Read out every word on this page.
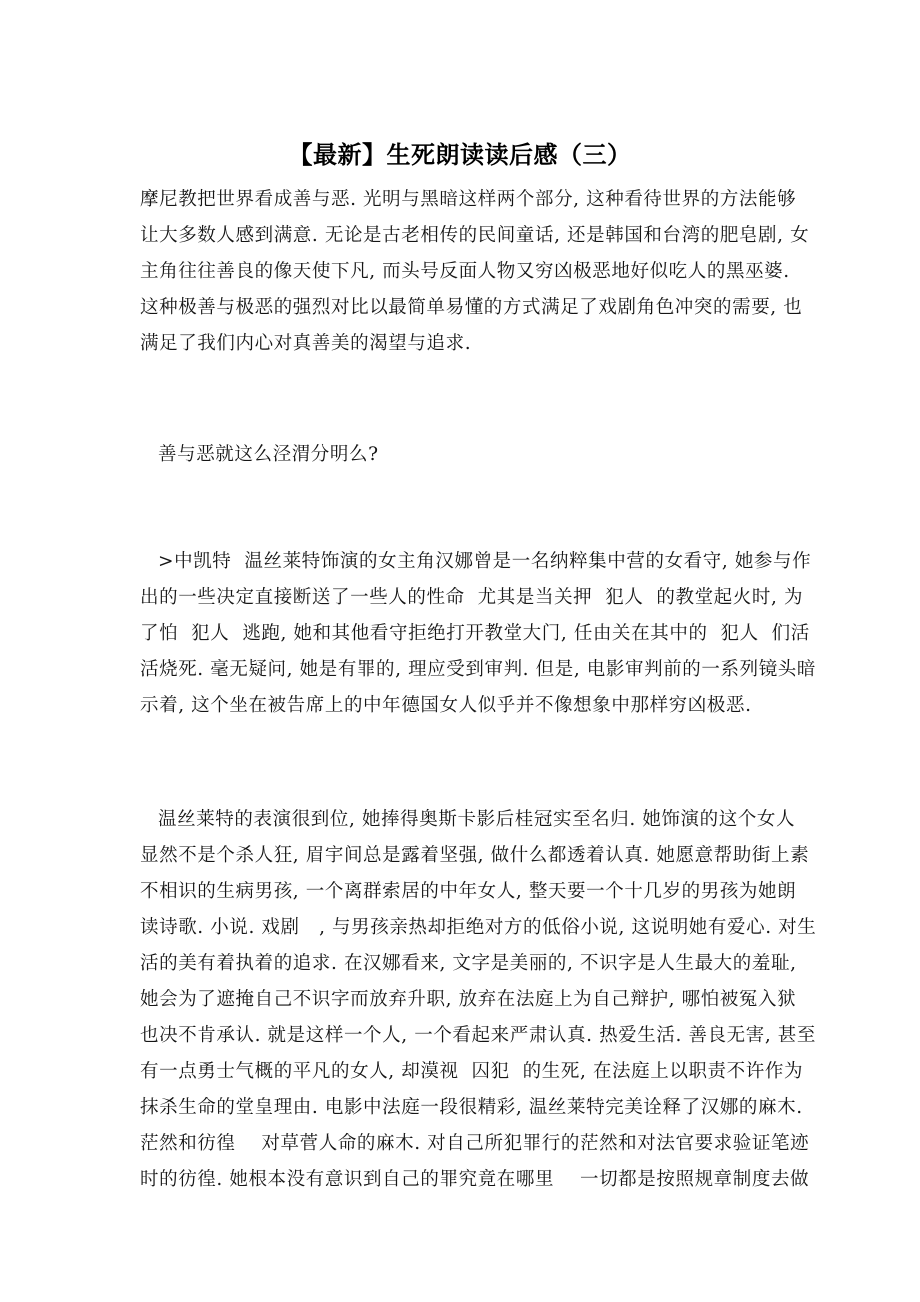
【最新】生死朗读读后感（三）
摩尼教把世界看成善与恶. 光明与黑暗这样两个部分, 这种看待世界的方法能够
让大多数人感到满意. 无论是古老相传的民间童话, 还是韩国和台湾的肥皂剧, 女
主角往往善良的像天使下凡, 而头号反面人物又穷凶极恶地好似吃人的黑巫婆.
这种极善与极恶的强烈对比以最简单易懂的方式满足了戏剧角色冲突的需要, 也
满足了我们内心对真善美的渴望与追求.
善与恶就这么泾渭分明么?
>中凯特  温丝莱特饰演的女主角汉娜曾是一名纳粹集中营的女看守, 她参与作
出的一些决定直接断送了一些人的性命  尤其是当关押  犯人  的教堂起火时, 为
了怕  犯人  逃跑, 她和其他看守拒绝打开教堂大门, 任由关在其中的  犯人  们活
活烧死. 毫无疑问, 她是有罪的, 理应受到审判. 但是, 电影审判前的一系列镜头暗
示着, 这个坐在被告席上的中年德国女人似乎并不像想象中那样穷凶极恶.
温丝莱特的表演很到位, 她捧得奥斯卡影后桂冠实至名归. 她饰演的这个女人
显然不是个杀人狂, 眉宇间总是露着坚强, 做什么都透着认真. 她愿意帮助街上素
不相识的生病男孩, 一个离群索居的中年女人, 整天要一个十几岁的男孩为她朗
读诗歌. 小说. 戏剧   , 与男孩亲热却拒绝对方的低俗小说, 这说明她有爱心. 对生
活的美有着执着的追求. 在汉娜看来, 文字是美丽的, 不识字是人生最大的羞耻,
她会为了遮掩自己不识字而放弃升职, 放弃在法庭上为自己辩护, 哪怕被冤入狱
也决不肯承认. 就是这样一个人, 一个看起来严肃认真. 热爱生活. 善良无害, 甚至
有一点勇士气概的平凡的女人, 却漠视  囚犯  的生死, 在法庭上以职责不许作为
抹杀生命的堂皇理由. 电影中法庭一段很精彩, 温丝莱特完美诠释了汉娜的麻木.
茫然和彷徨    对草菅人命的麻木. 对自己所犯罪行的茫然和对法官要求验证笔迹
时的彷徨. 她根本没有意识到自己的罪究竟在哪里    一切都是按照规章制度去做
